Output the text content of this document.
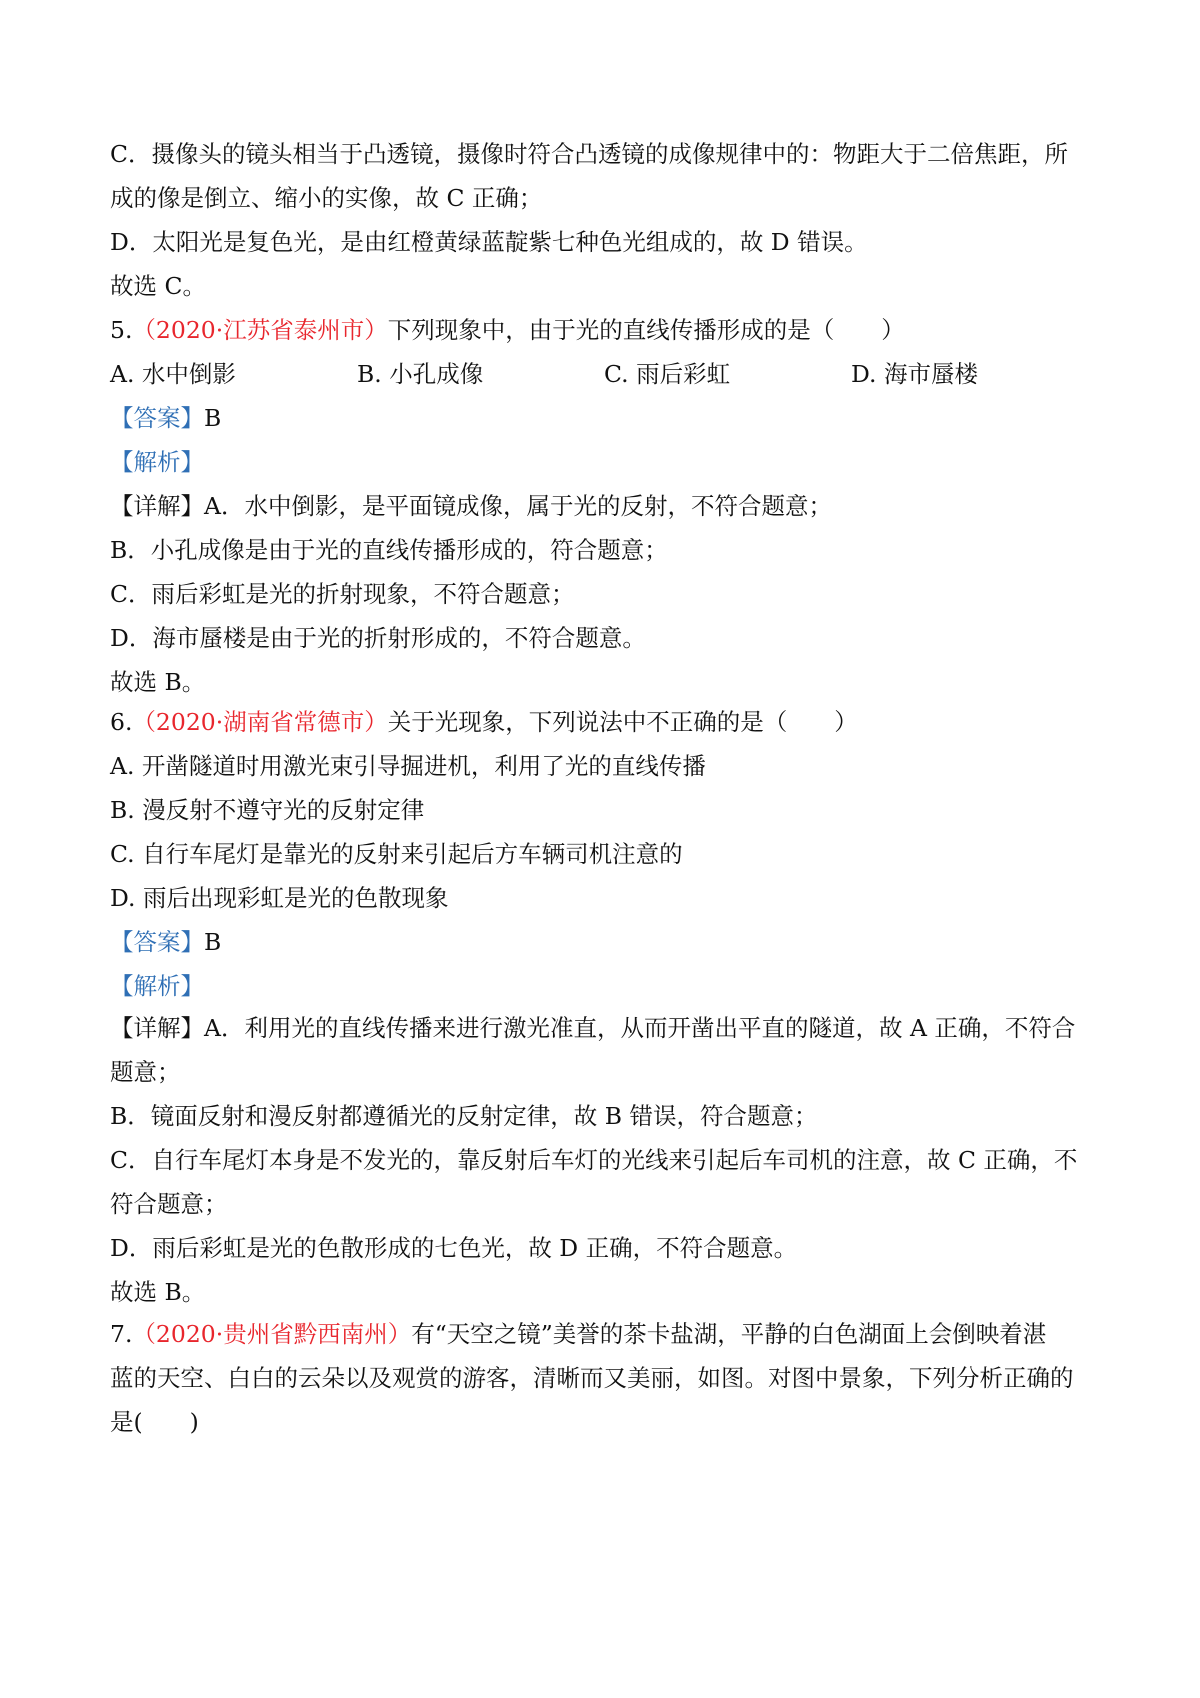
C．摄像头的镜头相当于凸透镜，摄像时符合凸透镜的成像规律中的：物距大于二倍焦距，所
成的像是倒立、缩小的实像，故 C 正确；
D．太阳光是复色光，是由红橙黄绿蓝靛紫七种色光组成的，故 D 错误。
故选 C。
5.（2020·江苏省泰州市）下列现象中，由于光的直线传播形成的是（　　）
A. 水中倒影	B. 小孔成像	C. 雨后彩虹	D. 海市蜃楼
【答案】B
【解析】
【详解】A．水中倒影，是平面镜成像，属于光的反射，不符合题意；
B．小孔成像是由于光的直线传播形成的，符合题意；
C．雨后彩虹是光的折射现象，不符合题意；
D．海市蜃楼是由于光的折射形成的，不符合题意。
故选 B。
6.（2020·湖南省常德市）关于光现象，下列说法中不正确的是（　　）
A. 开凿隧道时用激光束引导掘进机，利用了光的直线传播
B. 漫反射不遵守光的反射定律
C. 自行车尾灯是靠光的反射来引起后方车辆司机注意的
D. 雨后出现彩虹是光的色散现象
【答案】B
【解析】
【详解】A．利用光的直线传播来进行激光准直，从而开凿出平直的隧道，故 A 正确，不符合
题意；
B．镜面反射和漫反射都遵循光的反射定律，故 B 错误，符合题意；
C．自行车尾灯本身是不发光的，靠反射后车灯的光线来引起后车司机的注意，故 C 正确，不
符合题意；
D．雨后彩虹是光的色散形成的七色光，故 D 正确，不符合题意。
故选 B。
7.（2020·贵州省黔西南州）有“天空之镜”美誉的茶卡盐湖，平静的白色湖面上会倒映着湛
蓝的天空、白白的云朵以及观赏的游客，清晰而又美丽，如图。对图中景象，下列分析正确的
是(　　)
